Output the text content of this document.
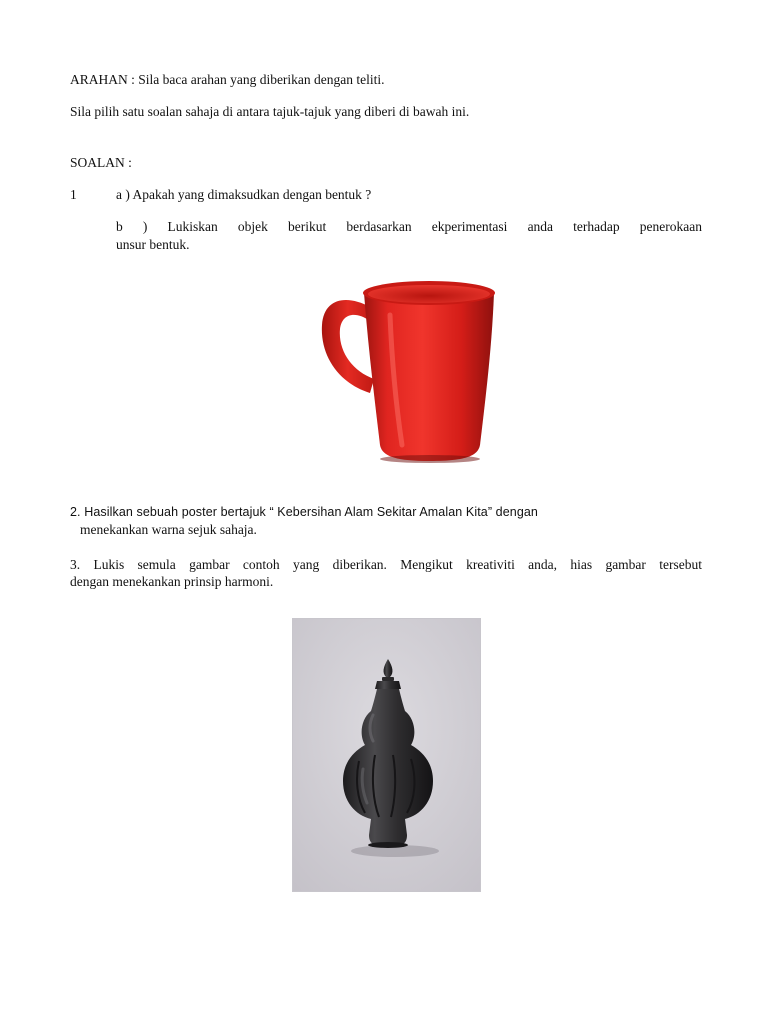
ARAHAN : Sila baca arahan yang diberikan dengan teliti.
Sila pilih satu soalan sahaja di antara tajuk-tajuk yang diberi di bawah ini.
SOALAN :
1	a ) Apakah yang dimaksudkan dengan bentuk ?
b ) Lukiskan objek berikut berdasarkan ekperimentasi anda terhadap penerokaan
unsur bentuk.
2. Hasilkan sebuah poster bertajuk “ Kebersihan Alam Sekitar Amalan Kita” dengan
menekankan warna sejuk sahaja.
3. Lukis semula gambar contoh yang diberikan. Mengikut kreativiti anda, hias gambar tersebut
dengan menekankan prinsip harmoni.
